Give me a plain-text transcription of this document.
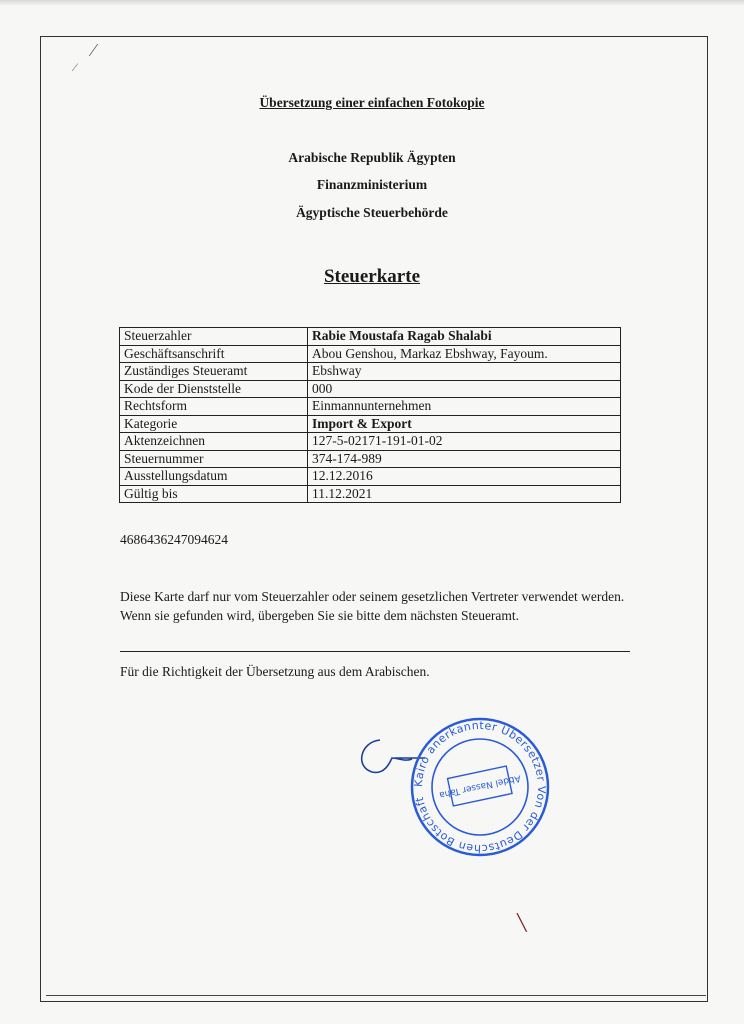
⁄
⁄
Übersetzung einer einfachen Fotokopie
Arabische Republik Ägypten
Finanzministerium
Ägyptische Steuerbehörde
Steuerkarte
Steuerzahler	Rabie Moustafa Ragab Shalabi
Geschäftsanschrift	Abou Genshou, Markaz Ebshway, Fayoum.
Zuständiges Steueramt	Ebshway
Kode der Dienststelle	000
Rechtsform	Einmannunternehmen
Kategorie	Import & Export
Aktenzeichnen	127-5-02171-191-01-02
Steuernummer	374-174-989
Ausstellungsdatum	12.12.2016
Gültig bis	11.12.2021
4686436247094624
Diese Karte darf nur vom Steuerzahler oder seinem gesetzlichen Vertreter verwendet werden. Wenn sie gefunden wird, übergeben Sie sie bitte dem nächsten Steueramt.
Für die Richtigkeit der Übersetzung aus dem Arabischen.
Kairo anerkannter Übersetzer Von der Deutschen Botschaft	Abdel Nasser Taha
╲
